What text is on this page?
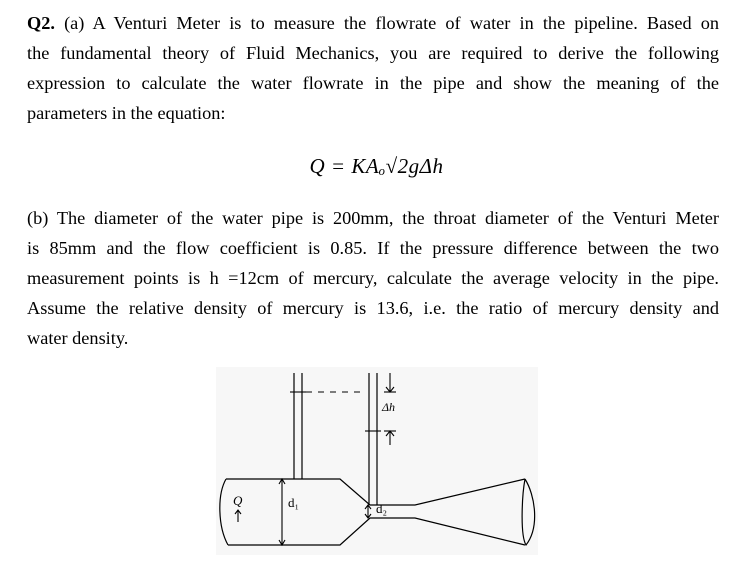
Q2. (a) A Venturi Meter is to measure the flowrate of water in the pipeline. Based on
the fundamental theory of Fluid Mechanics, you are required to derive the following
expression to calculate the water flowrate in the pipe and show the meaning of the
parameters in the equation:

Q = KAₒ√2gΔh

(b) The diameter of the water pipe is 200mm, the throat diameter of the Venturi Meter
is 85mm and the flow coefficient is 0.85. If the pressure difference between the two
measurement points is h =12cm of mercury, calculate the average velocity in the pipe.
Assume the relative density of mercury is 13.6, i.e. the ratio of mercury density and
water density.

Q	d₁	d₂
Δh
